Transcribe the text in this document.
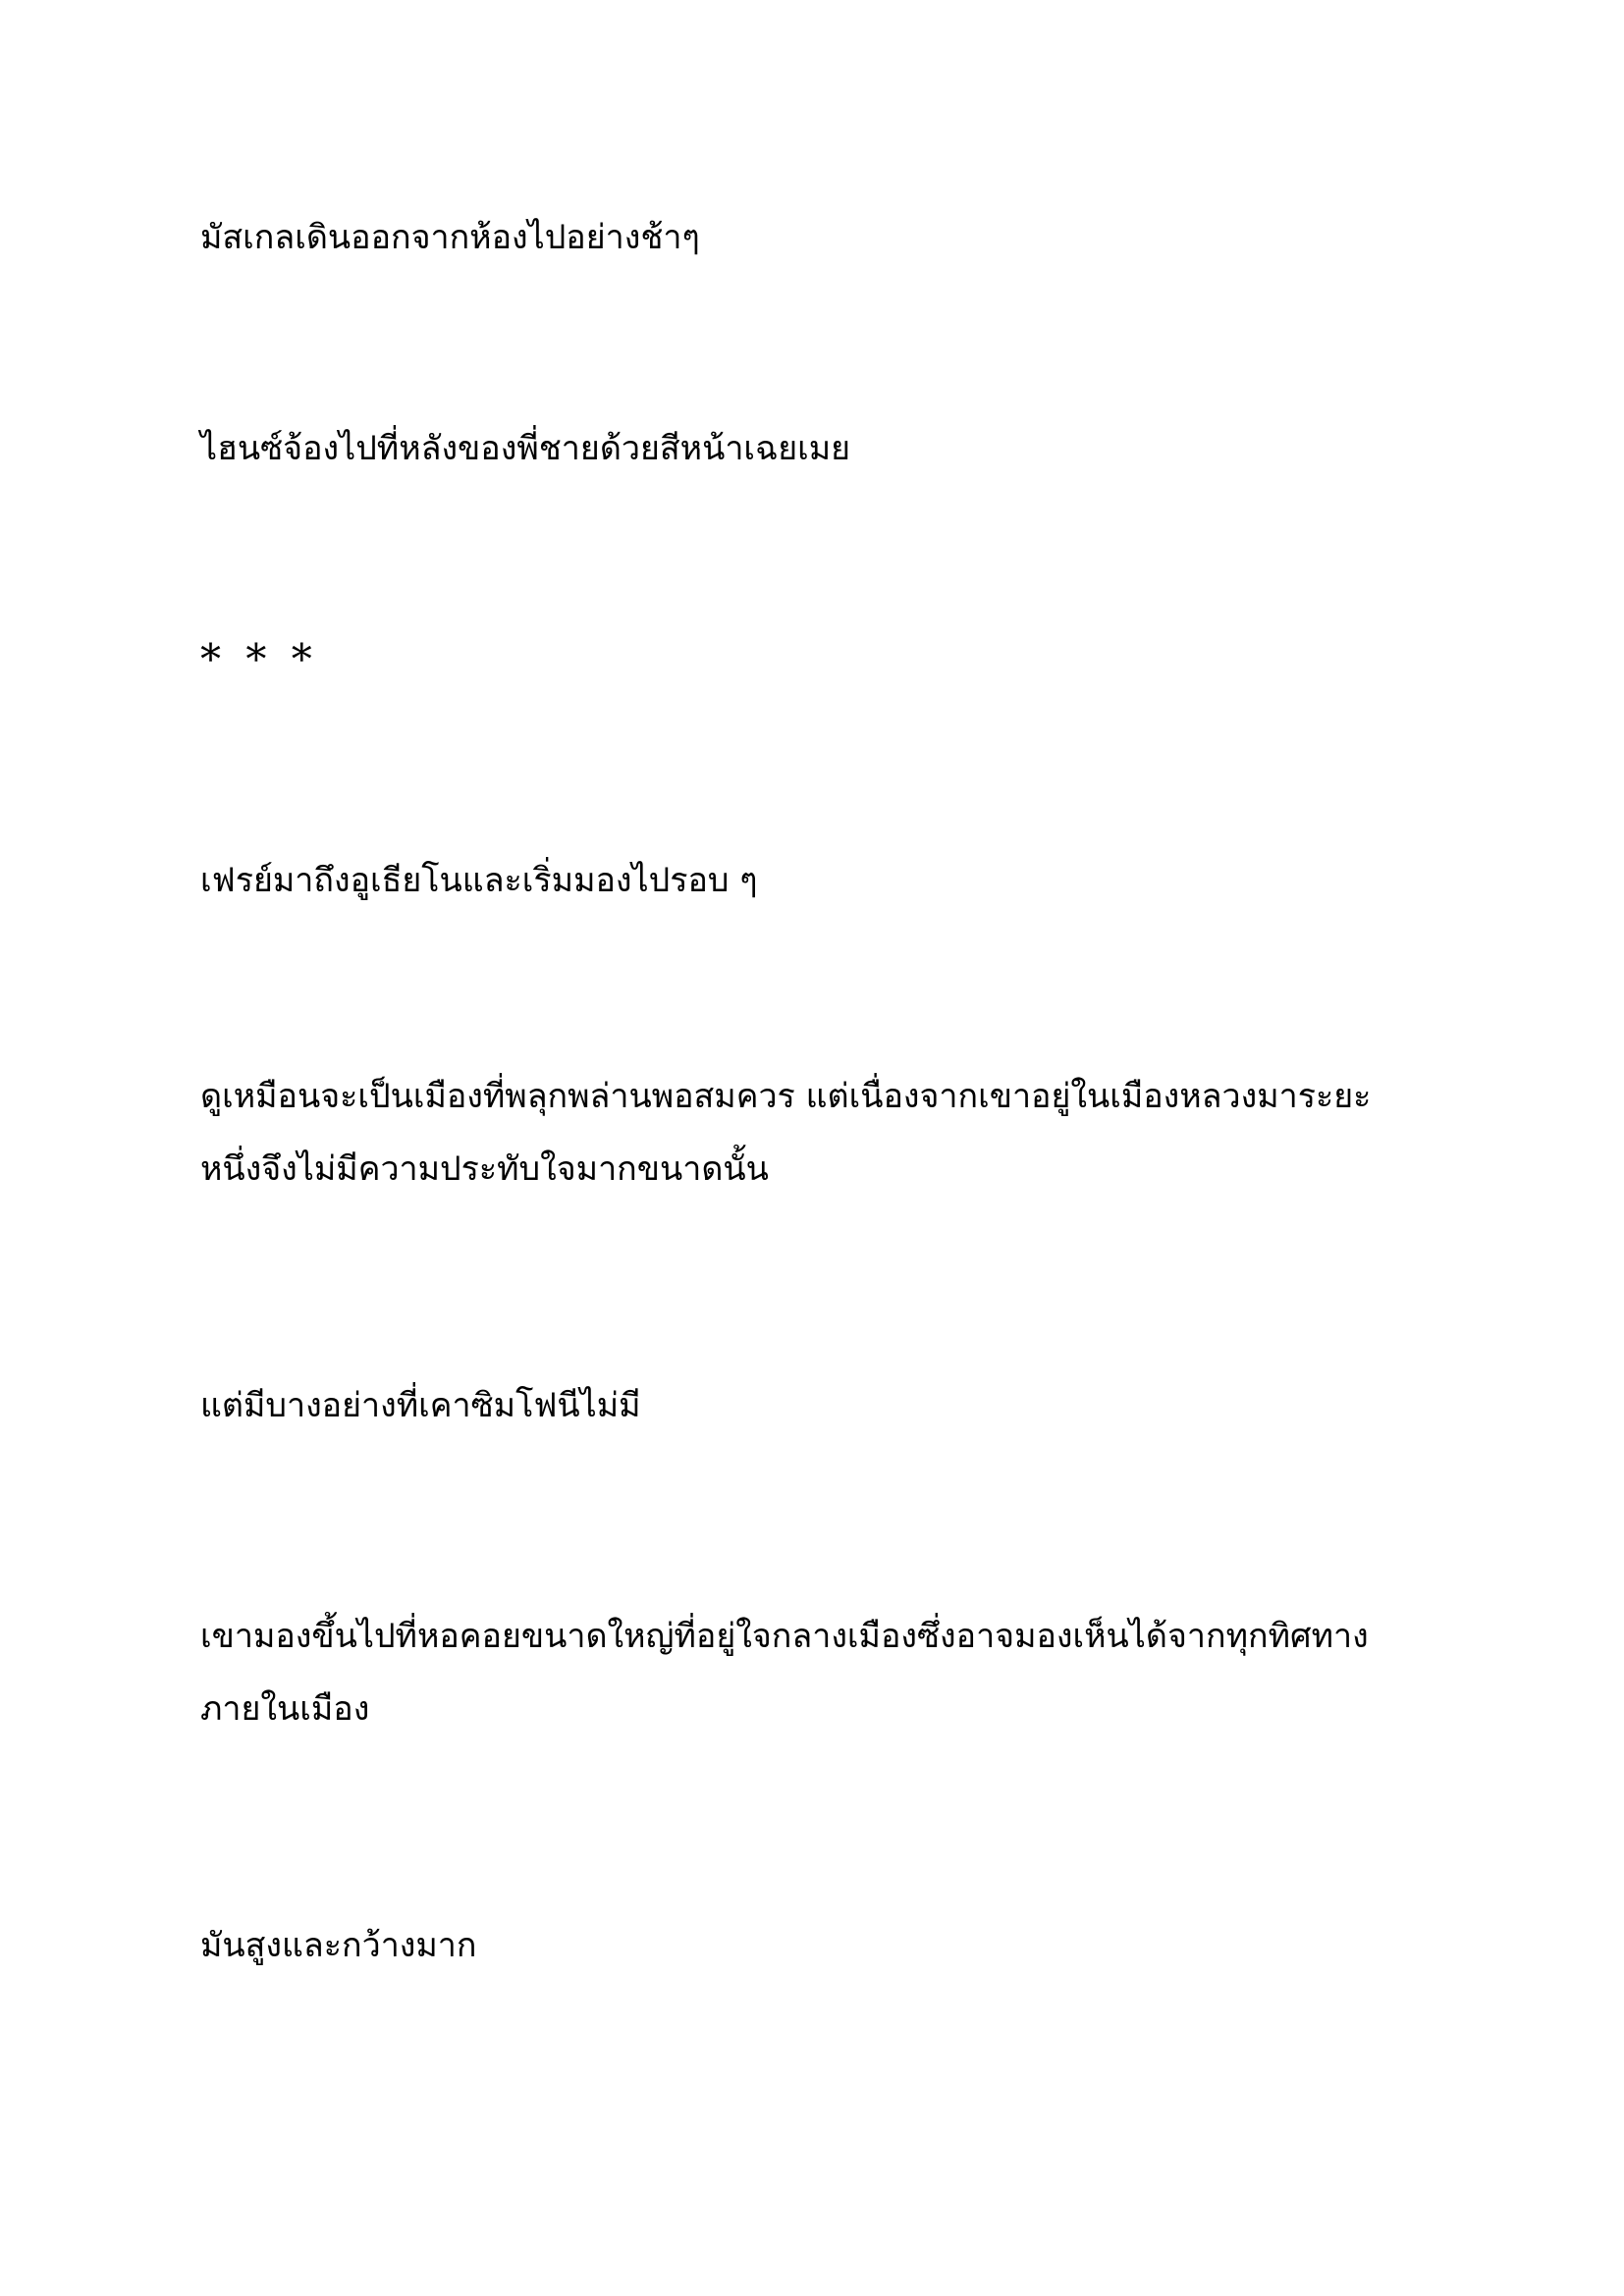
มัสเกลเดินออกจากห้องไปอย่างช้าๆ

ไฮนซ์จ้องไปที่หลังของพี่ชายด้วยสีหน้าเฉยเมย

* * *

เฟรย์มาถึงอูเธียโนและเริ่มมองไปรอบ ๆ

ดูเหมือนจะเป็นเมืองที่พลุกพล่านพอสมควร แต่เนื่องจากเขาอยู่ในเมืองหลวงมาระยะ
หนึ่งจึงไม่มีความประทับใจมากขนาดนั้น

แต่มีบางอย่างที่เคาซิมโฟนีไม่มี

เขามองขึ้นไปที่หอคอยขนาดใหญ่ที่อยู่ใจกลางเมืองซึ่งอาจมองเห็นได้จากทุกทิศทาง
ภายในเมือง

มันสูงและกว้างมาก
